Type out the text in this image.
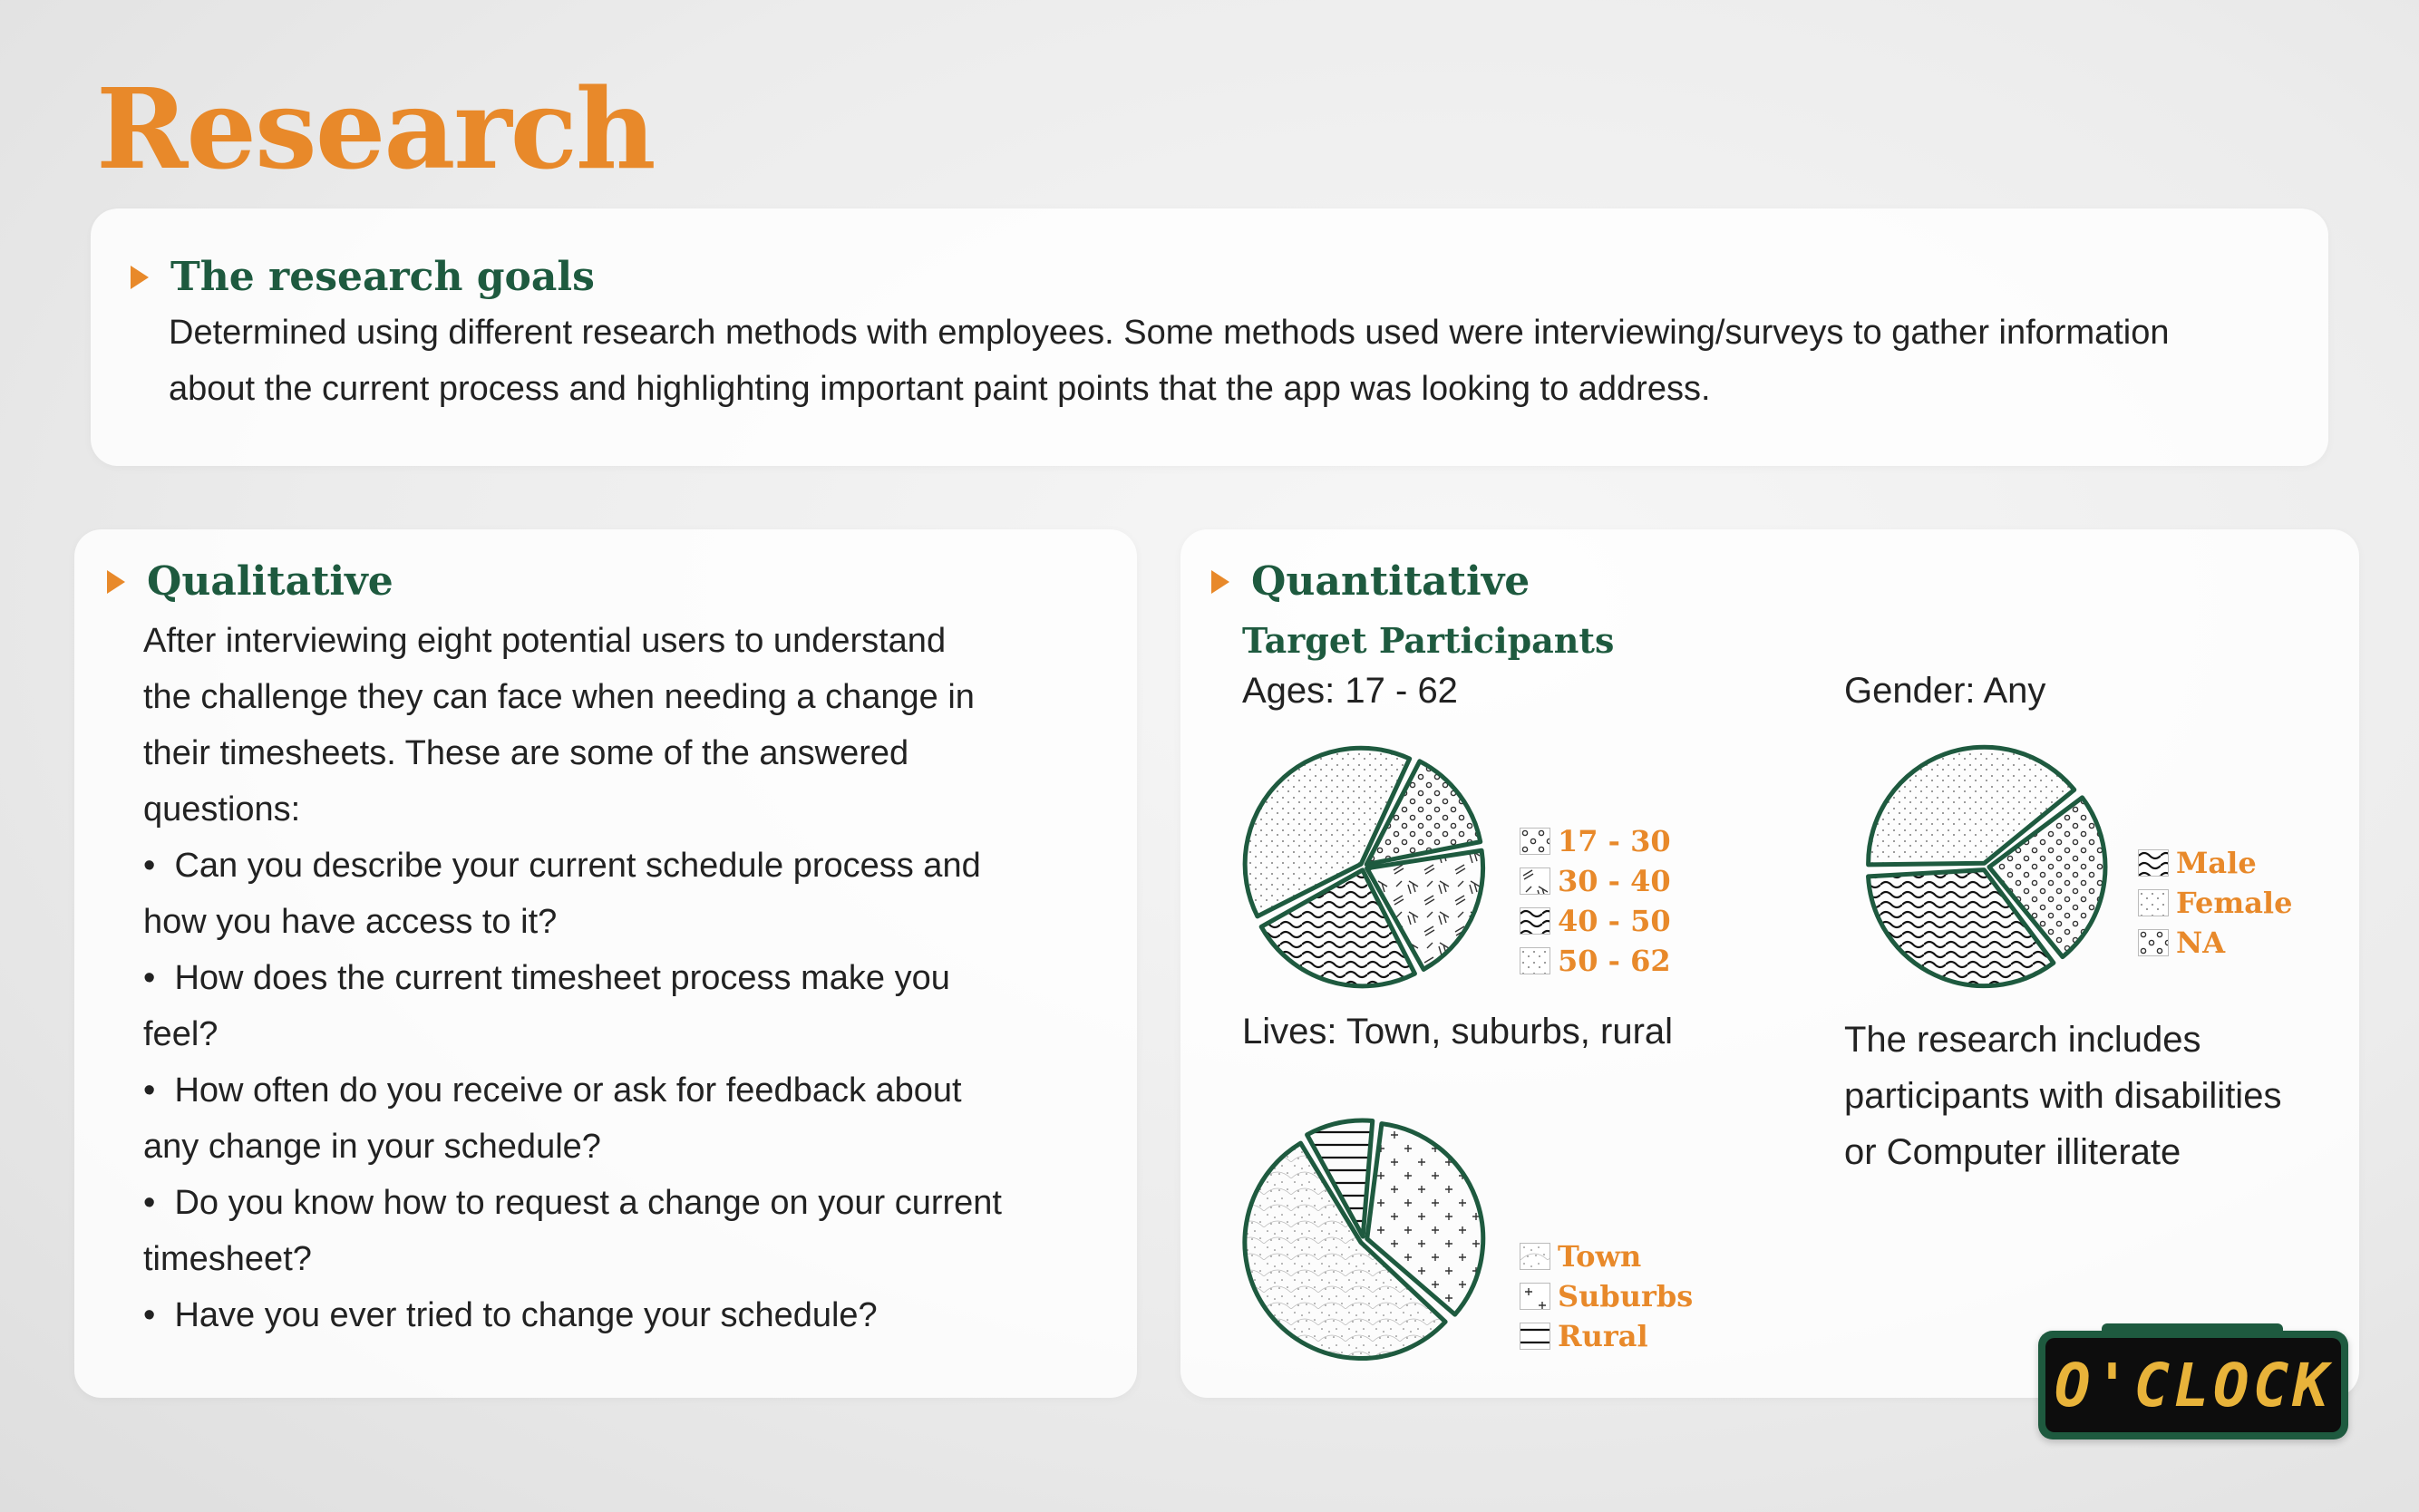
Research
The research goals

Determined using different research methods with employees. Some methods used were interviewing/surveys to gather information
about the current process and highlighting important paint points that the app was looking to address.

Qualitative
After interviewing eight potential users to understand
the challenge they can face when needing a change in
their timesheets. These are some of the answered
questions:
• Can you describe your current schedule process and
how you have access to it?
• How does the current timesheet process make you
feel?
• How often do you receive or ask for feedback about
any change in your schedule?
• Do you know how to request a change on your current
timesheet?
• Have you ever tried to change your schedule?
Quantitative

Target Participants

Ages: 17 - 62	Gender: Any
Lives: Town, suburbs, rural	The research includes
participants with disabilities
or Computer illiterate
17 - 30
30 - 40
40 - 50
50 - 62
Male
Female
NA
Town
Suburbs
Rural
O'CLOCK
